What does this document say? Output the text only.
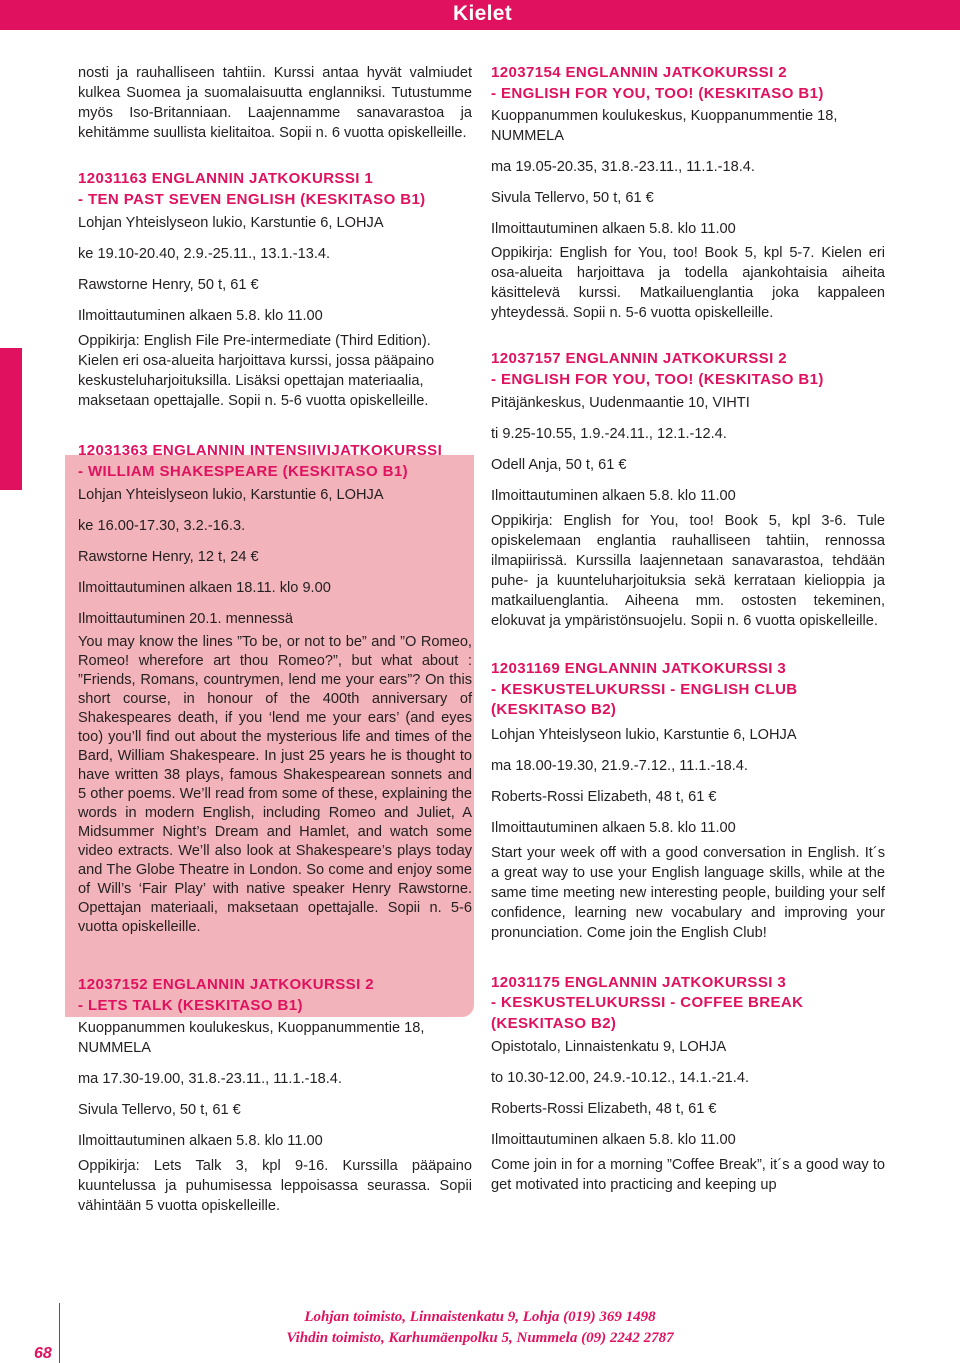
Kielet

nosti ja rauhalliseen tahtiin. Kurssi antaa hyvät valmiudet kulkea Suomea ja suomalaisuutta englanniksi. Tutustumme myös Iso-Britanniaan. Laajennamme sanavarastoa ja kehitämme suullista kielitaitoa. Sopii n. 6 vuotta opiskelleille.

12031163 ENGLANNIN JATKOKURSSI 1

- TEN PAST SEVEN ENGLISH (KESKITASO B1)

Lohjan Yhteislyseon lukio, Karstuntie 6, LOHJA

ke 19.10-20.40, 2.9.-25.11., 13.1.-13.4.

Rawstorne Henry, 50 t, 61 €

Ilmoittautuminen alkaen 5.8. klo 11.00

Oppikirja: English File Pre-intermediate (Third Edition). Kielen eri osa-alueita harjoittava kurssi, jossa pääpaino keskusteluharjoituksilla. Lisäksi opettajan materiaalia, maksetaan opettajalle. Sopii n. 5-6 vuotta opiskelleille.

12031363 ENGLANNIN INTENSIIVIJATKOKURSSI

- WILLIAM SHAKESPEARE (KESKITASO B1)

Lohjan Yhteislyseon lukio, Karstuntie 6, LOHJA

ke 16.00-17.30, 3.2.-16.3.

Rawstorne Henry, 12 t, 24 €

Ilmoittautuminen alkaen 18.11. klo 9.00

Ilmoittautuminen 20.1. mennessä

You may know the lines ”To be, or not to be” and ”O Romeo, Romeo! wherefore art thou Romeo?”, but what about : ”Friends, Romans, countrymen, lend me your ears”? On this short course, in honour of the 400th anniversary of Shakespeares death, if you ‘lend me your ears’ (and eyes too) you’ll find out about the mysterious life and times of the Bard, William Shakespeare. In just 25 years he is thought to have written 38 plays, famous Shakespearean sonnets and 5 other poems. We’ll read from some of these, explaining the words in modern English, including Romeo and Juliet, A Midsummer Night’s Dream and Hamlet, and watch some video extracts. We’ll also look at Shakespeare’s plays today and The Globe Theatre in London. So come and enjoy some of Will’s ‘Fair Play’ with native speaker Henry Rawstorne. Opettajan materiaali, maksetaan opettajalle. Sopii n. 5-6 vuotta opiskelleille.

12037152 ENGLANNIN JATKOKURSSI 2

- LETS TALK (KESKITASO B1)

Kuoppanummen koulukeskus, Kuoppanummentie 18, NUMMELA

ma 17.30-19.00, 31.8.-23.11., 11.1.-18.4.

Sivula Tellervo, 50 t, 61 €

Ilmoittautuminen alkaen 5.8. klo 11.00

Oppikirja: Lets Talk 3, kpl 9-16. Kurssilla pääpaino kuuntelussa ja puhumisessa leppoisassa seurassa. Sopii vähintään 5 vuotta opiskelleille.

12037154 ENGLANNIN JATKOKURSSI 2

- ENGLISH FOR YOU, TOO! (KESKITASO B1)

Kuoppanummen koulukeskus, Kuoppanummentie 18, NUMMELA

ma 19.05-20.35, 31.8.-23.11., 11.1.-18.4.

Sivula Tellervo, 50 t, 61 €

Ilmoittautuminen alkaen 5.8. klo 11.00

Oppikirja: English for You, too! Book 5, kpl 5-7. Kielen eri osa-alueita harjoittava ja todella ajankohtaisia aiheita käsittelevä kurssi. Matkailuenglantia joka kappaleen yhteydessä. Sopii n. 5-6 vuotta opiskelleille.

12037157 ENGLANNIN JATKOKURSSI 2

- ENGLISH FOR YOU, TOO! (KESKITASO B1)

Pitäjänkeskus, Uudenmaantie 10, VIHTI

ti 9.25-10.55, 1.9.-24.11., 12.1.-12.4.

Odell Anja, 50 t, 61 €

Ilmoittautuminen alkaen 5.8. klo 11.00

Oppikirja: English for You, too! Book 5, kpl 3-6. Tule opiskelemaan englantia rauhalliseen tahtiin, rennossa ilmapiirissä. Kurssilla laajennetaan sanavarastoa, tehdään puhe- ja kuunteluharjoituksia sekä kerrataan kielioppia ja matkailuenglantia. Aiheena mm. ostosten tekeminen, elokuvat ja ympäristönsuojelu. Sopii n. 6 vuotta opiskelleille.

12031169 ENGLANNIN JATKOKURSSI 3

- KESKUSTELUKURSSI - ENGLISH CLUB

(KESKITASO B2)

Lohjan Yhteislyseon lukio, Karstuntie 6, LOHJA

ma 18.00-19.30, 21.9.-7.12., 11.1.-18.4.

Roberts-Rossi Elizabeth, 48 t, 61 €

Ilmoittautuminen alkaen 5.8. klo 11.00

Start your week off with a good conversation in English. It´s a great way to use your English language skills, while at the same time meeting new interesting people, building your self confidence, learning new vocabulary and improving your pronunciation. Come join the English Club!

12031175 ENGLANNIN JATKOKURSSI 3

- KESKUSTELUKURSSI - COFFEE BREAK

(KESKITASO B2)

Opistotalo, Linnaistenkatu 9, LOHJA

to 10.30-12.00, 24.9.-10.12., 14.1.-21.4.

Roberts-Rossi Elizabeth, 48 t, 61 €

Ilmoittautuminen alkaen 5.8. klo 11.00

Come join in for a morning ”Coffee Break”, it´s a good way to get motivated into practicing and keeping up

68
Lohjan toimisto, Linnaistenkatu 9, Lohja (019) 369 1498
Vihdin toimisto, Karhumäenpolku 5, Nummela (09) 2242 2787
